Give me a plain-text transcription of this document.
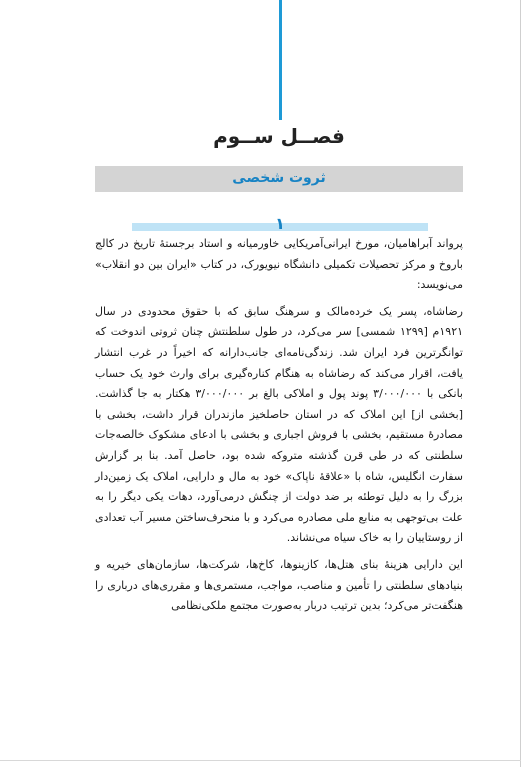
فصــل ســوم
ثروت شخصی
۱

پرواند آبراهامیان، مورخ ایرانی‌آمریکایی خاورمیانه و استاد برجستهٔ تاریخ در کالج باروخ و مرکز تحصیلات تکمیلی دانشگاه نیویورک، در کتاب «ایران بین دو انقلاب» می‌نویسد:

رضاشاه، پسر یک خرده‌مالک و سرهنگ سابق که با حقوق محدودی در سال ۱۹۲۱م [۱۲۹۹ شمسی] سر می‌کرد، در طول سلطنتش چنان ثروتی اندوخت که توانگرترین فرد ایران شد. زندگی‌نامه‌ای جانب‌دارانه که اخیراً در غرب انتشار یافت، اقرار می‌کند که رضاشاه به هنگام کناره‌گیری برای وارث خود یک حساب بانکی با ۳/۰۰۰/۰۰۰ پوند پول و املاکی بالغ بر ۳/۰۰۰/۰۰۰ هکتار به جا گذاشت. [بخشی از] این املاک که در استان حاصلخیز مازندران قرار داشت، بخشی با مصادرهٔ مستقیم، بخشی با فروش اجباری و بخشی با ادعای مشکوک خالصه‌جات سلطنتی که در طی قرن گذشته متروکه شده بود، حاصل آمد. بنا بر گزارش سفارت انگلیس، شاه با «علاقهٔ ناپاک» خود به مال و دارایی، املاک یک زمین‌دار بزرگ را به دلیل توطئه بر ضد دولت از چنگش درمی‌آورد، دهات یکی دیگر را به علت بی‌توجهی به منابع ملی مصادره می‌کرد و با منحرف‌ساختن مسیر آب تعدادی از روستاییان را به خاک سیاه می‌نشاند.

این دارایی هزینهٔ بنای هتل‌ها، کازینوها، کاخ‌ها، شرکت‌ها، سازمان‌های خیریه و بنیادهای سلطنتی را تأمین و مناصب، مواجب، مستمری‌ها و مقرری‌های درباری را هنگفت‌تر می‌کرد؛ بدین ترتیب دربار به‌صورت مجتمع ملکی‌نظامی
